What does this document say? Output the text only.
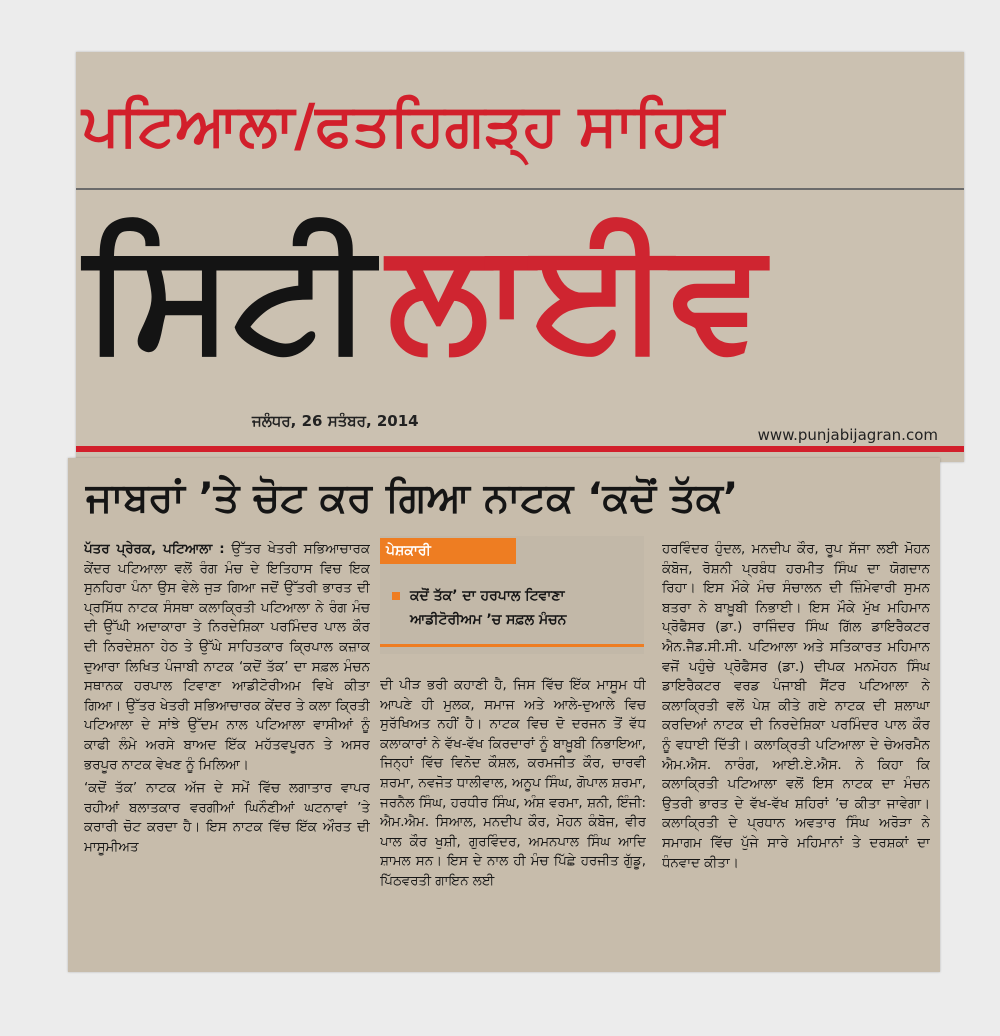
ਪਟਿਆਲਾ/ਫਤਹਿਗੜ੍ਹ ਸਾਹਿਬ
ਸਿਟੀਲਾਈਵ
ਜਲੰਧਰ, 26 ਸਤੰਬਰ, 2014
www.punjabijagran.com
ਜਾਬਰਾਂ ’ਤੇ ਚੋਟ ਕਰ ਗਿਆ ਨਾਟਕ ‘ਕਦੋਂ ਤੱਕ’

ਪੱਤਰ ਪ੍ਰੇਰਕ, ਪਟਿਆਲਾ : ਉੱਤਰ ਖੇਤਰੀ ਸਭਿਆਚਾਰਕ ਕੇਂਦਰ ਪਟਿਆਲਾ ਵਲੋਂ ਰੰਗ ਮੰਚ ਦੇ ਇਤਿਹਾਸ ਵਿਚ ਇਕ ਸੁਨਹਿਰਾ ਪੰਨਾ ਉਸ ਵੇਲੇ ਜੁੜ ਗਿਆ ਜਦੋਂ ਉੱਤਰੀ ਭਾਰਤ ਦੀ ਪ੍ਰਸਿੱਧ ਨਾਟਕ ਸੰਸਥਾ ਕਲਾਕ੍ਰਿਤੀ ਪਟਿਆਲਾ ਨੇ ਰੰਗ ਮੰਚ ਦੀ ਉੱਘੀ ਅਦਾਕਾਰਾ ਤੇ ਨਿਰਦੇਸ਼ਿਕਾ ਪਰਮਿੰਦਰ ਪਾਲ ਕੌਰ ਦੀ ਨਿਰਦੇਸ਼ਨਾ ਹੇਠ ਤੇ ਉੱਘੇ ਸਾਹਿਤਕਾਰ ਕ੍ਰਿਪਾਲ ਕਜ਼ਾਕ ਦੁਆਰਾ ਲਿਖਿਤ ਪੰਜਾਬੀ ਨਾਟਕ ‘ਕਦੋਂ ਤੱਕ’ ਦਾ ਸਫ਼ਲ ਮੰਚਨ ਸਥਾਨਕ ਹਰਪਾਲ ਟਿਵਾਣਾ ਆਡੀਟੋਰੀਅਮ ਵਿਖੇ ਕੀਤਾ ਗਿਆ। ਉੱਤਰ ਖੇਤਰੀ ਸਭਿਆਚਾਰਕ ਕੇਂਦਰ ਤੇ ਕਲਾ ਕ੍ਰਿਤੀ ਪਟਿਆਲਾ ਦੇ ਸਾਂਝੇ ਉੱਦਮ ਨਾਲ ਪਟਿਆਲਾ ਵਾਸੀਆਂ ਨੂੰ ਕਾਫੀ ਲੰਮੇ ਅਰਸੇ ਬਾਅਦ ਇੱਕ ਮਹੱਤਵਪੂਰਨ ਤੇ ਅਸਰ ਭਰਪੂਰ ਨਾਟਕ ਵੇਖਣ ਨੂੰ ਮਿਲਿਆ।

‘ਕਦੋਂ ਤੱਕ’ ਨਾਟਕ ਅੱਜ ਦੇ ਸਮੇਂ ਵਿੱਚ ਲਗਾਤਾਰ ਵਾਪਰ ਰਹੀਆਂ ਬਲਾਤਕਾਰ ਵਰਗੀਆਂ ਘਿਨੌਣੀਆਂ ਘਟਨਾਵਾਂ ’ਤੇ ਕਰਾਰੀ ਚੋਟ ਕਰਦਾ ਹੈ। ਇਸ ਨਾਟਕ ਵਿੱਚ ਇੱਕ ਔਰਤ ਦੀ ਮਾਸੂਮੀਅਤ

ਪੇਸ਼ਕਾਰੀ
ਕਦੋਂ ਤੱਕ’ ਦਾ ਹਰਪਾਲ ਟਿਵਾਣਾ ਆਡੀਟੋਰੀਅਮ ’ਚ ਸਫ਼ਲ ਮੰਚਨ

ਦੀ ਪੀੜ ਭਰੀ ਕਹਾਣੀ ਹੈ, ਜਿਸ ਵਿੱਚ ਇੱਕ ਮਾਸੂਮ ਧੀ ਆਪਣੇ ਹੀ ਮੁਲਕ, ਸਮਾਜ ਅਤੇ ਆਲੇ-ਦੁਆਲੇ ਵਿਚ ਸੁਰੱਖਿਅਤ ਨਹੀਂ ਹੈ। ਨਾਟਕ ਵਿਚ ਦੋ ਦਰਜਨ ਤੋਂ ਵੱਧ ਕਲਾਕਾਰਾਂ ਨੇ ਵੱਖ-ਵੱਖ ਕਿਰਦਾਰਾਂ ਨੂੰ ਬਾਖ਼ੂਬੀ ਨਿਭਾਇਆ, ਜਿਨ੍ਹਾਂ ਵਿੱਚ ਵਿਨੋਦ ਕੌਸ਼ਲ, ਕਰਮਜੀਤ ਕੌਰ, ਚਾਰਵੀ ਸ਼ਰਮਾ, ਨਵਜੋਤ ਧਾਲੀਵਾਲ, ਅਨੂਪ ਸਿੰਘ, ਗੋਪਾਲ ਸ਼ਰਮਾ, ਜਰਨੈਲ ਸਿੰਘ, ਹਰਧੀਰ ਸਿੰਘ, ਅੰਸ਼ ਵਰਮਾ, ਸ਼ਨੀ, ਇੰਜੀ: ਐਮ.ਐਮ. ਸਿਆਲ, ਮਨਦੀਪ ਕੌਰ, ਮੋਹਨ ਕੰਬੋਜ, ਵੀਰ ਪਾਲ ਕੌਰ ਖੁਸ਼ੀ, ਗੁਰਵਿੰਦਰ, ਅਮਨਪਾਲ ਸਿੰਘ ਆਦਿ ਸ਼ਾਮਲ ਸਨ। ਇਸ ਦੇ ਨਾਲ ਹੀ ਮੰਚ ਪਿੱਛੇ ਹਰਜੀਤ ਗੁੱਡੂ, ਪਿੱਠਵਰਤੀ ਗਾਇਨ ਲਈ

ਹਰਵਿੰਦਰ ਹੁੰਦਲ, ਮਨਦੀਪ ਕੌਰ, ਰੂਪ ਸੱਜਾ ਲਈ ਮੋਹਨ ਕੰਬੋਜ, ਰੋਸ਼ਨੀ ਪ੍ਰਬੰਧ ਹਰਮੀਤ ਸਿੰਘ ਦਾ ਯੋਗਦਾਨ ਰਿਹਾ। ਇਸ ਮੌਕੇ ਮੰਚ ਸੰਚਾਲਨ ਦੀ ਜ਼ਿੰਮੇਵਾਰੀ ਸੁਮਨ ਬਤਰਾ ਨੇ ਬਾਖ਼ੂਬੀ ਨਿਭਾਈ। ਇਸ ਮੌਕੇ ਮੁੱਖ ਮਹਿਮਾਨ ਪ੍ਰੋਫੈਸਰ (ਡਾ.) ਰਾਜਿੰਦਰ ਸਿੰਘ ਗਿੱਲ ਡਾਇਰੈਕਟਰ ਐਨ.ਜੈਡ.ਸੀ.ਸੀ. ਪਟਿਆਲਾ ਅਤੇ ਸਤਿਕਾਰਤ ਮਹਿਮਾਨ ਵਜੋਂ ਪਹੁੰਚੇ ਪ੍ਰੋਫੈਸਰ (ਡਾ.) ਦੀਪਕ ਮਨਮੋਹਨ ਸਿੰਘ ਡਾਇਰੈਕਟਰ ਵਰਡ ਪੰਜਾਬੀ ਸੈਂਟਰ ਪਟਿਆਲਾ ਨੇ ਕਲਾਕ੍ਰਿਤੀ ਵਲੋਂ ਪੇਸ਼ ਕੀਤੇ ਗਏ ਨਾਟਕ ਦੀ ਸ਼ਲਾਘਾ ਕਰਦਿਆਂ ਨਾਟਕ ਦੀ ਨਿਰਦੇਸ਼ਿਕਾ ਪਰਮਿੰਦਰ ਪਾਲ ਕੌਰ ਨੂੰ ਵਧਾਈ ਦਿੱਤੀ। ਕਲਾਕ੍ਰਿਤੀ ਪਟਿਆਲਾ ਦੇ ਚੇਅਰਮੈਨ ਐਮ.ਐਸ. ਨਾਰੰਗ, ਆਈ.ਏ.ਐਸ. ਨੇ ਕਿਹਾ ਕਿ ਕਲਾਕ੍ਰਿਤੀ ਪਟਿਆਲਾ ਵਲੋਂ ਇਸ ਨਾਟਕ ਦਾ ਮੰਚਨ ਉਤਰੀ ਭਾਰਤ ਦੇ ਵੱਖ-ਵੱਖ ਸ਼ਹਿਰਾਂ ’ਚ ਕੀਤਾ ਜਾਵੇਗਾ। ਕਲਾਕ੍ਰਿਤੀ ਦੇ ਪ੍ਰਧਾਨ ਅਵਤਾਰ ਸਿੰਘ ਅਰੋੜਾ ਨੇ ਸਮਾਗਮ ਵਿੱਚ ਪੁੱਜੇ ਸਾਰੇ ਮਹਿਮਾਨਾਂ ਤੇ ਦਰਸ਼ਕਾਂ ਦਾ ਧੰਨਵਾਦ ਕੀਤਾ।
